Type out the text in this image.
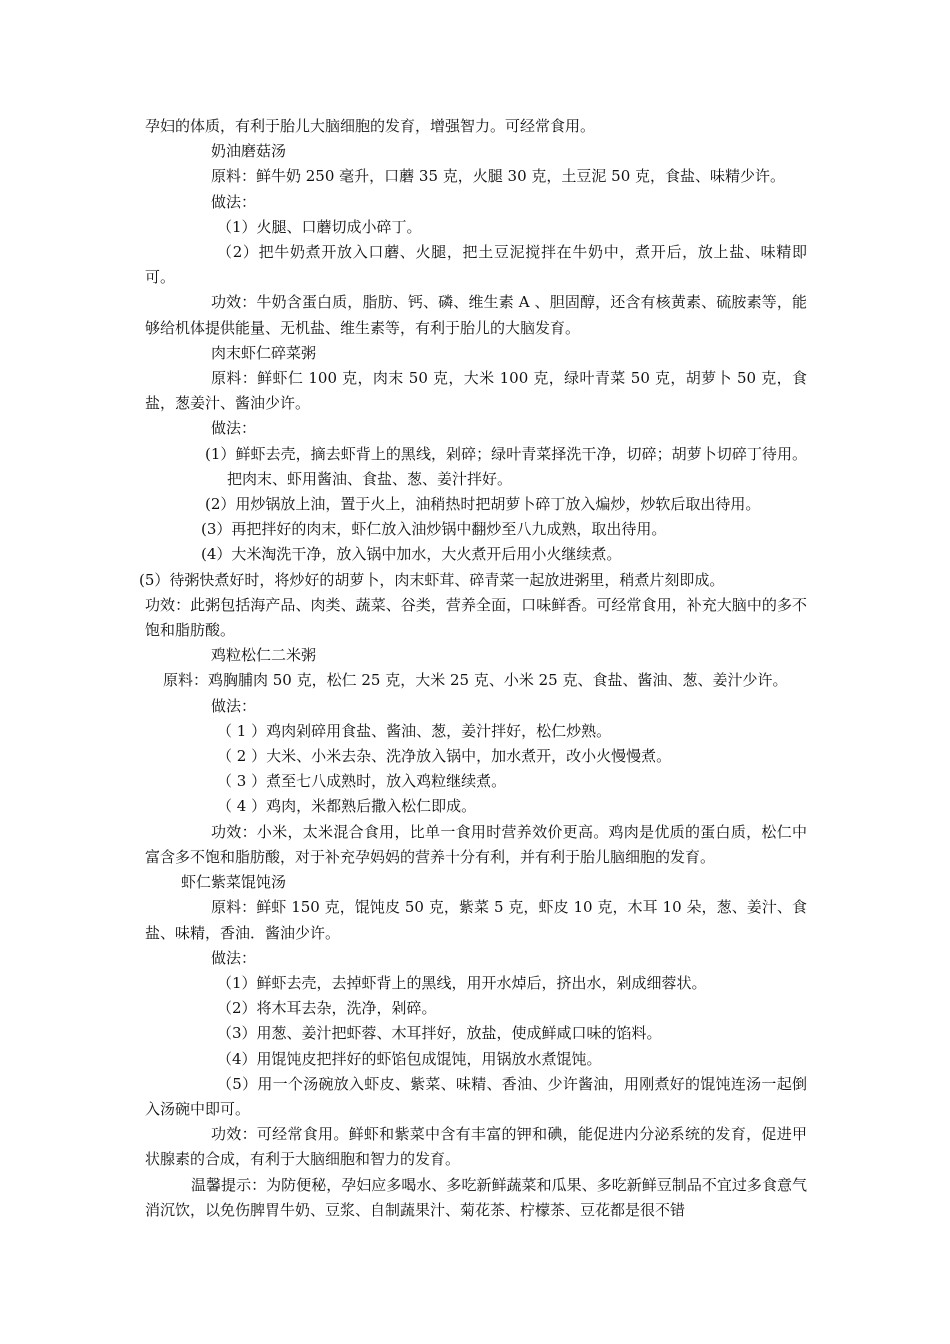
孕妇的体质，有利于胎儿大脑细胞的发育，增强智力。可经常食用。

奶油磨菇汤

原料：鲜牛奶 250 毫升，口蘑 35 克，火腿 30 克，土豆泥 50 克，食盐、味精少许。

做法：

（1）火腿、口蘑切成小碎丁。

（2）把牛奶煮开放入口蘑、火腿，把土豆泥搅拌在牛奶中，煮开后，放上盐、味精即可。

功效：牛奶含蛋白质，脂肪、钙、磷、维生素 A 、胆固醇，还含有核黄素、硫胺素等，能够给机体提供能量、无机盐、维生素等，有利于胎儿的大脑发育。

肉末虾仁碎菜粥

原料：鲜虾仁 100 克，肉末 50 克，大米 100 克，绿叶青菜 50 克，胡萝卜 50 克，食盐，葱姜汁、酱油少许。

做法：

(1）鲜虾去壳，摘去虾背上的黑线，剁碎；绿叶青菜择洗干净，切碎；胡萝卜切碎丁待用。把肉末、虾用酱油、食盐、葱、姜汁拌好。

(2）用炒锅放上油，置于火上，油稍热时把胡萝卜碎丁放入煸炒，炒软后取出待用。

(3）再把拌好的肉末，虾仁放入油炒锅中翻炒至八九成熟，取出待用。

(4）大米淘洗干净，放入锅中加水，大火煮开后用小火继续煮。

(5）待粥快煮好时，将炒好的胡萝卜，肉末虾茸、碎青菜一起放进粥里，稍煮片刻即成。

功效：此粥包括海产品、肉类、蔬菜、谷类，营养全面，口味鲜香。可经常食用，补充大脑中的多不饱和脂肪酸。

鸡粒松仁二米粥

原料：鸡胸脯肉 50 克，松仁 25 克，大米 25 克、小米 25 克、食盐、酱油、葱、姜汁少许。

做法：

（ 1 ）鸡肉剁碎用食盐、酱油、葱，姜汁拌好，松仁炒熟。

（ 2 ）大米、小米去杂、洗净放入锅中，加水煮开，改小火慢慢煮。

（ 3 ）煮至七八成熟时，放入鸡粒继续煮。

（ 4 ）鸡肉，米都熟后撒入松仁即成。

功效：小米，太米混合食用，比单一食用时营养效价更高。鸡肉是优质的蛋白质，松仁中富含多不饱和脂肪酸，对于补充孕妈妈的营养十分有利，并有利于胎儿脑细胞的发育。

虾仁紫菜馄饨汤

原料：鲜虾 150 克，馄饨皮 50 克，紫菜 5 克，虾皮 10 克，木耳 10 朵，葱、姜汁、食盐、味精，香油．酱油少许。

做法：

（1）鲜虾去壳，去掉虾背上的黑线，用开水焯后，挤出水，剁成细蓉状。

（2）将木耳去杂，洗净，剁碎。

（3）用葱、姜汁把虾蓉、木耳拌好，放盐，使成鲜咸口味的馅料。

（4）用馄饨皮把拌好的虾馅包成馄饨，用锅放水煮馄饨。

（5）用一个汤碗放入虾皮、紫菜、味精、香油、少许酱油，用刚煮好的馄饨连汤一起倒入汤碗中即可。

功效：可经常食用。鲜虾和紫菜中含有丰富的钾和碘，能促进内分泌系统的发育，促进甲状腺素的合成，有利于大脑细胞和智力的发育。

温馨提示：为防便秘，孕妇应多喝水、多吃新鲜蔬菜和瓜果、多吃新鲜豆制品不宜过多食意气消沉饮，以免伤脾胃牛奶、豆浆、自制蔬果汁、菊花茶、柠檬茶、豆花都是很不错
